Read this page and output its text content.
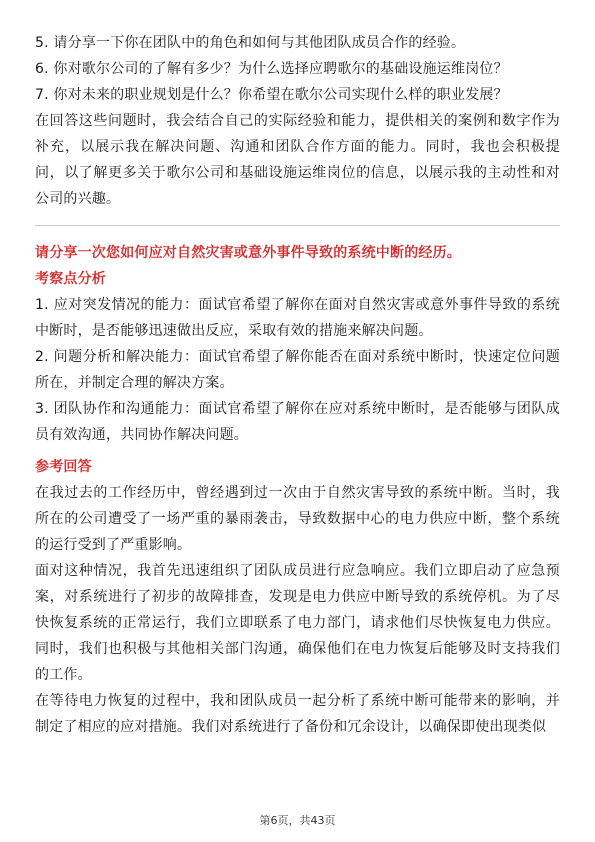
5. 请分享一下你在团队中的角色和如何与其他团队成员合作的经验。

6. 你对歌尔公司的了解有多少？为什么选择应聘歌尔的基础设施运维岗位？

7. 你对未来的职业规划是什么？你希望在歌尔公司实现什么样的职业发展？

在回答这些问题时，我会结合自己的实际经验和能力，提供相关的案例和数字作为补充，以展示我在解决问题、沟通和团队合作方面的能力。同时，我也会积极提问，以了解更多关于歌尔公司和基础设施运维岗位的信息，以展示我的主动性和对公司的兴趣。

请分享一次您如何应对自然灾害或意外事件导致的系统中断的经历。

考察点分析

1. 应对突发情况的能力：面试官希望了解你在面对自然灾害或意外事件导致的系统中断时，是否能够迅速做出反应，采取有效的措施来解决问题。

2. 问题分析和解决能力：面试官希望了解你能否在面对系统中断时，快速定位问题所在，并制定合理的解决方案。

3. 团队协作和沟通能力：面试官希望了解你在应对系统中断时，是否能够与团队成员有效沟通，共同协作解决问题。

参考回答

在我过去的工作经历中，曾经遇到过一次由于自然灾害导致的系统中断。当时，我所在的公司遭受了一场严重的暴雨袭击，导致数据中心的电力供应中断，整个系统的运行受到了严重影响。

面对这种情况，我首先迅速组织了团队成员进行应急响应。我们立即启动了应急预案，对系统进行了初步的故障排查，发现是电力供应中断导致的系统停机。为了尽快恢复系统的正常运行，我们立即联系了电力部门，请求他们尽快恢复电力供应。同时，我们也积极与其他相关部门沟通，确保他们在电力恢复后能够及时支持我们的工作。

在等待电力恢复的过程中，我和团队成员一起分析了系统中断可能带来的影响，并制定了相应的应对措施。我们对系统进行了备份和冗余设计，以确保即使出现类似

第6页，共43页
